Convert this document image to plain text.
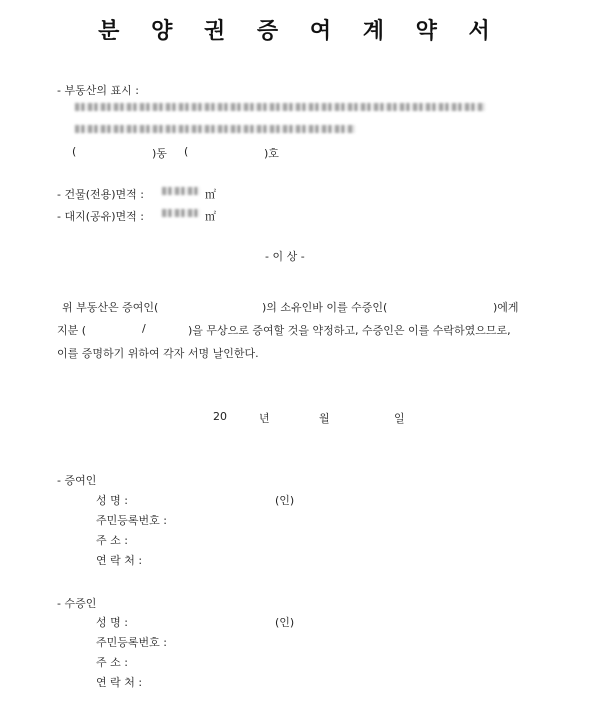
분 양 권 증 여 계 약 서
- 부동산의 표시 :
(	)동 (	)호
- 건물(전용)면적 :	㎡
- 대지(공유)면적 :	㎡
- 이 상 -
위 부동산은 증여인(	)의 소유인바 이를 수증인(	)에게
지분 (	/	)을 무상으로 증여할 것을 약정하고, 수증인은 이를 수락하였으므로,
이를 증명하기 위하여 각자 서명 날인한다.
20	년	월	일
- 증여인
성 명 :	(인)
주민등록번호 :
주 소 :
연 락 처 :
- 수증인
성 명 :	(인)
주민등록번호 :
주 소 :
연 락 처 :
